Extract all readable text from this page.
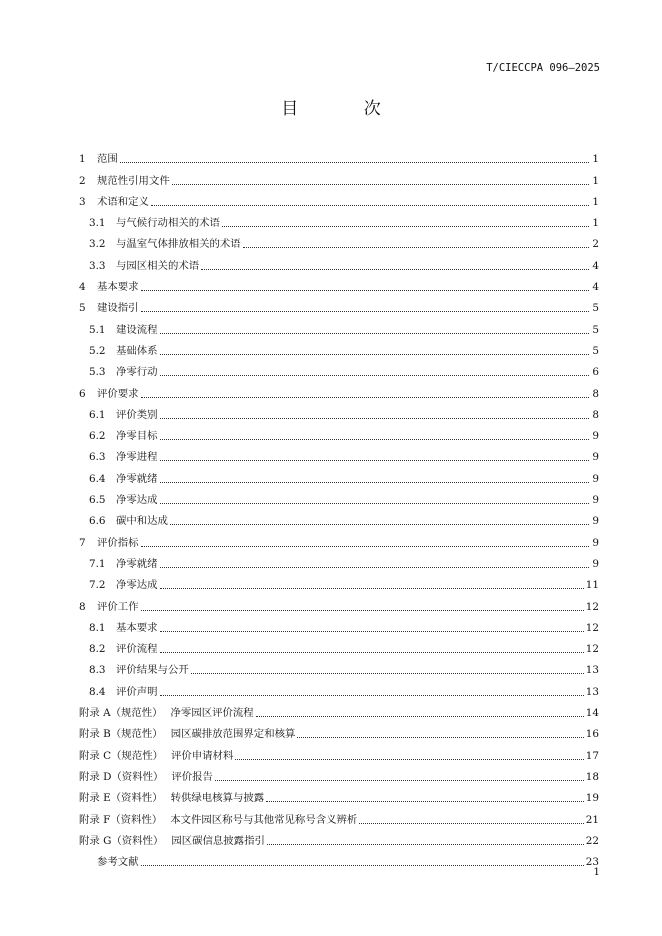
T/CIECCPA 096—2025
目 次
1	范围	1
2	规范性引用文件	1
3	术语和定义	1
3.1	与气候行动相关的术语	1
3.2	与温室气体排放相关的术语	2
3.3	与园区相关的术语	4
4	基本要求	4
5	建设指引	5
5.1	建设流程	5
5.2	基础体系	5
5.3	净零行动	6
6	评价要求	8
6.1	评价类别	8
6.2	净零目标	9
6.3	净零进程	9
6.4	净零就绪	9
6.5	净零达成	9
6.6	碳中和达成	9
7	评价指标	9
7.1	净零就绪	9
7.2	净零达成	11
8	评价工作	12
8.1	基本要求	12
8.2	评价流程	12
8.3	评价结果与公开	13
8.4	评价声明	13
附录 A（规范性） 净零园区评价流程	14
附录 B（规范性） 园区碳排放范围界定和核算	16
附录 C（规范性） 评价申请材料	17
附录 D（资料性） 评价报告	18
附录 E（资料性） 转供绿电核算与披露	19
附录 F（资料性） 本文件园区称号与其他常见称号含义辨析	21
附录 G（资料性） 园区碳信息披露指引	22
参考文献	23
1
